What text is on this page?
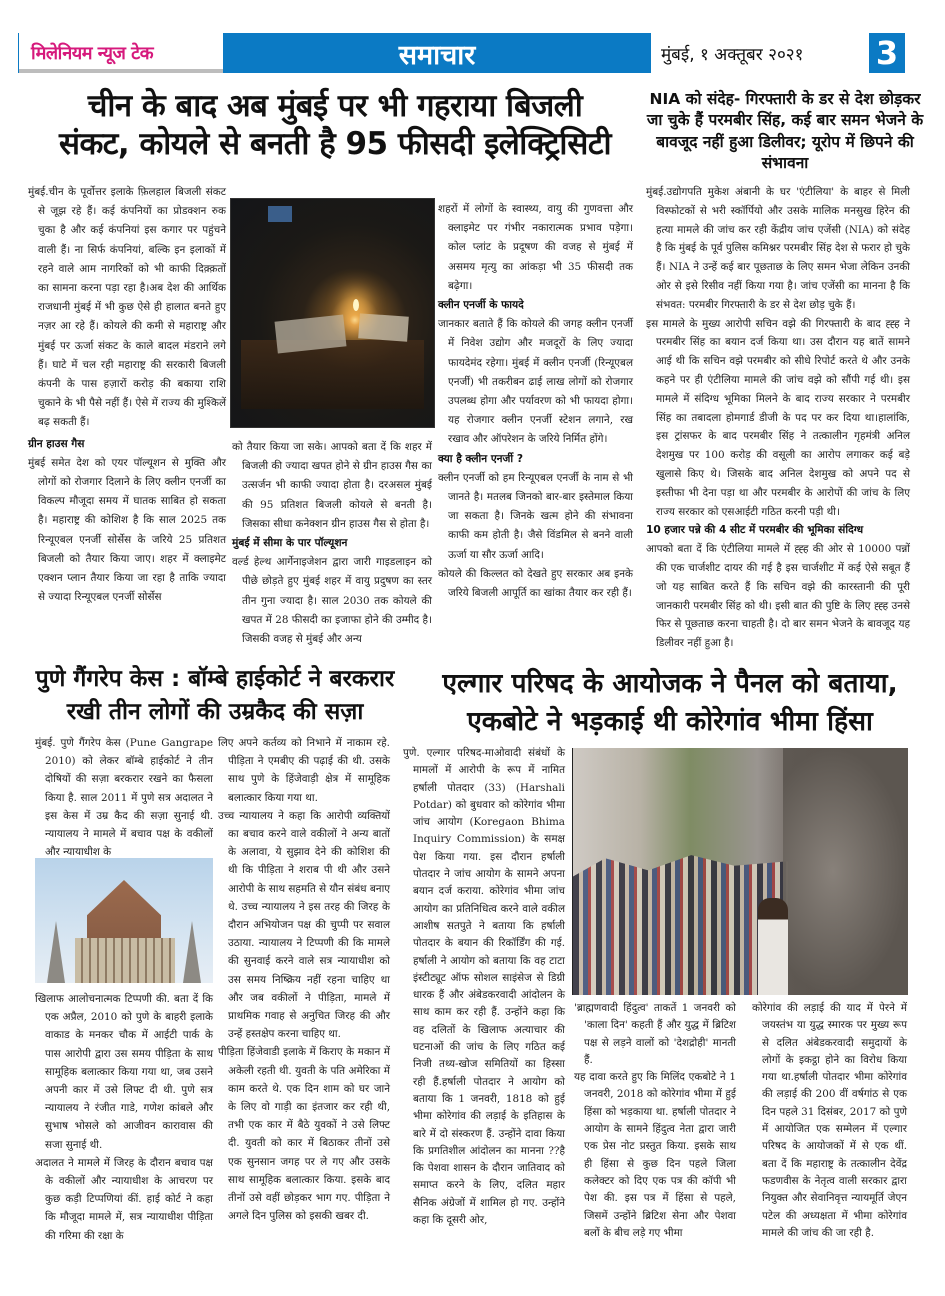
मिलेनियम न्यूज टेक	समाचार	मुंबई, १ अक्तूबर २०२१	3
चीन के बाद अब मुंबई पर भी गहराया बिजली
संकट, कोयले से बनती है 95 फीसदी इलेक्ट्रिसिटी

मुंबई.चीन के पूर्वोत्तर इलाके फ़िलहाल बिजली संकट से जूझ रहे हैं। कई कंपनियों का प्रोडक्शन रुक चुका है और कई कंपनियां इस कगार पर पहुंचने वाली हैं। ना सिर्फ कंपनियां, बल्कि इन इलाकों में रहने वाले आम नागरिकों को भी काफी दिक़्क़तों का सामना करना पड़ा रहा है।अब देश की आर्थिक राजधानी मुंबई में भी कुछ ऐसे ही हालात बनते हुए नज़र आ रहे हैं। कोयले की कमी से महाराष्ट्र और मुंबई पर ऊर्जा संकट के काले बादल मंडराने लगे हैं। घाटे में चल रही महाराष्ट्र की सरकारी बिजली कंपनी के पास हज़ारों करोड़ की बकाया राशि चुकाने के भी पैसे नहीं हैं। ऐसे में राज्य की मुश्किलें बढ़ सकती हैं।

ग्रीन हाउस गैस

मुंबई समेत देश को एयर पॉल्यूशन से मुक्ति और लोगों को रोजगार दिलाने के लिए क्लीन एनर्जी का विकल्प मौजूदा समय में घातक साबित हो सकता है। महाराष्ट्र की कोशिश है कि साल 2025 तक रिन्यूएबल एनर्जी सोर्सेस के जरिये 25 प्रतिशत बिजली को तैयार किया जाए। शहर में क्लाइमेट एक्शन प्लान तैयार किया जा रहा है ताकि ज्यादा से ज्यादा रिन्यूएबल एनर्जी सोर्सेस

को तैयार किया जा सके। आपको बता दें कि शहर में बिजली की ज्यादा खपत होने से ग्रीन हाउस गैस का उत्सर्जन भी काफी ज्यादा होता है। दरअसल मुंबई की 95 प्रतिशत बिजली कोयले से बनती है। जिसका सीधा कनेक्शन ग्रीन हाउस गैस से होता है।

मुंबई में सीमा के पार पॉल्यूशन

वर्ल्ड हेल्थ आर्गेनाइजेशन द्वारा जारी गाइडलाइन को पीछे छोड़ते हुए मुंबई शहर में वायु प्रदुषण का स्तर तीन गुना ज्यादा है। साल 2030 तक कोयले की खपत में 28 फीसदी का इजाफा होने की उम्मीद है। जिसकी वजह से मुंबई और अन्य

शहरों में लोगों के स्वास्थ्य, वायु की गुणवत्ता और क्लाइमेट पर गंभीर नकारात्मक प्रभाव पड़ेगा। कोल प्लांट के प्रदूषण की वजह से मुंबई में असमय मृत्यु का आंकड़ा भी 35 फीसदी तक बढ़ेगा।

क्लीन एनर्जी के फायदे

जानकार बताते हैं कि कोयले की जगह क्लीन एनर्जी में निवेश उद्योग और मजदूरों के लिए ज्यादा फायदेमंद रहेगा। मुंबई में क्लीन एनर्जी (रिन्यूएबल एनर्जी) भी तकरीबन ढाई लाख लोगों को रोजगार उपलब्ध होगा और पर्यावरण को भी फायदा होगा। यह रोजगार क्लीन एनर्जी स्टेशन लगाने, रख रखाव और ऑपरेशन के जरिये निर्मित होंगे।

क्या है क्लीन एनर्जी ?

क्लीन एनर्जी को हम रिन्यूएबल एनर्जी के नाम से भी जानते है। मतलब जिनको बार-बार इस्तेमाल किया जा सकता है। जिनके खत्म होने की संभावना काफी कम होती है। जैसे विंडमिल से बनने वाली ऊर्जा या सौर ऊर्जा आदि।

कोयले की किल्लत को देखते हुए सरकार अब इनके जरिये बिजली आपूर्ति का खांका तैयार कर रही हैं।

NIA को संदेह- गिरफ्तारी के डर से देश छोड़कर जा चुके हैं परमबीर सिंह, कई बार समन भेजने के बावजूद नहीं हुआ डिलीवर; यूरोप में छिपने की संभावना

मुंबई.उद्योगपति मुकेश अंबानी के घर 'एंटीलिया' के बाहर से मिली विस्फोटकों से भरी स्कॉर्पियो और उसके मालिक मनसुख हिरेन की हत्या मामले की जांच कर रही केंद्रीय जांच एजेंसी (NIA) को संदेह है कि मुंबई के पूर्व पुलिस कमिश्नर परमबीर सिंह देश से फरार हो चुके हैं। NIA ने उन्हें कई बार पूछताछ के लिए समन भेजा लेकिन उनकी ओर से इसे रिसीव नहीं किया गया है। जांच एजेंसी का मानना है कि संभवत: परमबीर गिरफ्तारी के डर से देश छोड़ चुके हैं।

इस मामले के मुख्य आरोपी सचिन वझे की गिरफ्तारी के बाद ह्ह्ह ने परमबीर सिंह का बयान दर्ज किया था। उस दौरान यह बातें सामने आई थी कि सचिन वझे परमबीर को सीधे रिपोर्ट करते थे और उनके कहने पर ही एंटीलिया मामले की जांच वझे को सौंपी गई थी। इस मामले में संदिग्ध भूमिका मिलने के बाद राज्य सरकार ने परमबीर सिंह का तबादला होमगार्ड डीजी के पद पर कर दिया था।हालांकि, इस ट्रांसफर के बाद परमबीर सिंह ने तत्कालीन गृहमंत्री अनिल देशमुख पर 100 करोड़ की वसूली का आरोप लगाकर कई बड़े खुलासे किए थे। जिसके बाद अनिल देशमुख को अपने पद से इस्तीफा भी देना पड़ा था और परमबीर के आरोपों की जांच के लिए राज्य सरकार को एसआईटी गठित करनी पड़ी थी।

10 हजार पन्ने की 4 सीट में परमबीर की भूमिका संदिग्ध

आपको बता दें कि एंटीलिया मामले में ह्ह्ह की ओर से 10000 पन्नों की एक चार्जशीट दायर की गई है इस चार्जशीट में कई ऐसे सबूत हैं जो यह साबित करते हैं कि सचिन वझे की कारस्तानी की पूरी जानकारी परमबीर सिंह को थी। इसी बात की पुष्टि के लिए ह्ह्ह उनसे फिर से पूछताछ करना चाहती है। दो बार समन भेजने के बावजूद यह डिलीवर नहीं हुआ है।

पुणे गैंगरेप केस : बॉम्बे हाईकोर्ट ने बरकरार
रखी तीन लोगों की उम्रकैद की सज़ा

मुंबई. पुणे गैंगरेप केस (Pune Gangrape 2010) को लेकर बॉम्बे हाईकोर्ट ने तीन दोषियों की सज़ा बरकरार रखने का फैसला किया है. साल 2011 में पुणे सत्र अदालत ने इस केस में उम्र कैद की सज़ा सुनाई थी. न्यायालय ने मामले में बचाव पक्ष के वकीलों और न्यायाधीश के

खिलाफ आलोचनात्मक टिप्पणी की. बता दें कि एक अप्रैल, 2010 को पुणे के बाहरी इलाके वाकाड के मनकर चौक में आईटी पार्क के पास आरोपी द्वारा उस समय पीड़िता के साथ सामूहिक बलात्कार किया गया था, जब उसने अपनी कार में उसे लिफ्ट दी थी. पुणे सत्र न्यायालय ने रंजीत गाडे, गणेश कांबले और सुभाष भोसले को आजीवन कारावास की सजा सुनाई थी.

अदालत ने मामले में जिरह के दौरान बचाव पक्ष के वकीलों और न्यायाधीश के आचरण पर कुछ कड़ी टिप्पणियां कीं. हाई कोर्ट ने कहा कि मौजूदा मामले में, सत्र न्यायाधीश पीड़िता की गरिमा की रक्षा के

लिए अपने कर्तव्य को निभाने में नाकाम रहे. पीड़िता ने एमबीए की पढ़ाई की थी. उसके साथ पुणे के हिंजेवाड़ी क्षेत्र में सामूहिक बलात्कार किया गया था.

उच्च न्यायालय ने कहा कि आरोपी व्यक्तियों का बचाव करने वाले वकीलों ने अन्य बातों के अलावा, ये सुझाव देने की कोशिश की थी कि पीड़िता ने शराब पी थी और उसने आरोपी के साथ सहमति से यौन संबंध बनाए थे. उच्च न्यायालय ने इस तरह की जिरह के दौरान अभियोजन पक्ष की चुप्पी पर सवाल उठाया. न्यायालय ने टिप्पणी की कि मामले की सुनवाई करने वाले सत्र न्यायाधीश को उस समय निष्क्रिय नहीं रहना चाहिए था और जब वकीलों ने पीड़िता, मामले में प्राथमिक गवाह से अनुचित जिरह की और उन्हें हस्तक्षेप करना चाहिए था.

पीड़िता हिंजेवाडी इलाके में किराए के मकान में अकेली रहती थी. युवती के पति अमेरिका में काम करते थे. एक दिन शाम को घर जाने के लिए वो गाड़ी का इंतजार कर रही थी, तभी एक कार में बैठे युवकों ने उसे लिफ्ट दी. युवती को कार में बिठाकर तीनों उसे एक सुनसान जगह पर ले गए और उसके साथ सामूहिक बलात्कार किया. इसके बाद तीनों उसे वहीं छोड़कर भाग गए. पीड़िता ने अगले दिन पुलिस को इसकी खबर दी.

एल्गार परिषद के आयोजक ने पैनल को बताया,
एकबोटे ने भड़काई थी कोरेगांव भीमा हिंसा

पुणे. एल्गार परिषद-माओवादी संबंधों के मामलों में आरोपी के रूप में नामित हर्षाली पोतदार (33) (Harshali Potdar) को बुधवार को कोरेगांव भीमा जांच आयोग (Koregaon Bhima Inquiry Commission) के समक्ष पेश किया गया. इस दौरान हर्षाली पोतदार ने जांच आयोग के सामने अपना बयान दर्ज कराया. कोरेगांव भीमा जांच आयोग का प्रतिनिधित्व करने वाले वकील आशीष सतपुते ने बताया कि हर्षाली पोतदार के बयान की रिकॉर्डिंग की गई. हर्षाली ने आयोग को बताया कि वह टाटा इंस्टीट्यूट ऑफ सोशल साइंसेज से डिग्री धारक हैं और अंबेडकरवादी आंदोलन के साथ काम कर रही हैं. उन्होंने कहा कि वह दलितों के खिलाफ अत्याचार की घटनाओं की जांच के लिए गठित कई निजी तथ्य-खोज समितियों का हिस्सा रही हैं.हर्षाली पोतदार ने आयोग को बताया कि 1 जनवरी, 1818 को हुई भीमा कोरेगांव की लड़ाई के इतिहास के बारे में दो संस्करण हैं. उन्होंने दावा किया कि प्रगतिशील आंदोलन का मानना ??है कि पेशवा शासन के दौरान जातिवाद को समाप्त करने के लिए, दलित महार सैनिक अंग्रेजों में शामिल हो गए. उन्होंने कहा कि दूसरी ओर,

'ब्राह्मणवादी हिंदुत्व' ताकतें 1 जनवरी को 'काला दिन' कहती हैं और युद्ध में ब्रिटिश पक्ष से लड़ने वालों को 'देशद्रोही' मानती हैं.

यह दावा करते हुए कि मिलिंद एकबोटे ने 1 जनवरी, 2018 को कोरेगांव भीमा में हुई हिंसा को भड़काया था. हर्षाली पोतदार ने आयोग के सामने हिंदुत्व नेता द्वारा जारी एक प्रेस नोट प्रस्तुत किया. इसके साथ ही हिंसा से कुछ दिन पहले जिला कलेक्टर को दिए एक पत्र की कॉपी भी पेश की. इस पत्र में हिंसा से पहले, जिसमें उन्होंने ब्रिटिश सेना और पेशवा बलों के बीच लड़े गए भीमा

कोरेगांव की लड़ाई की याद में पेरने में जयस्तंभ या युद्ध स्मारक पर मुख्य रूप से दलित अंबेडकरवादी समुदायों के लोगों के इकट्ठा होने का विरोध किया गया था.हर्षाली पोतदार भीमा कोरेगांव की लड़ाई की 200 वीं वर्षगांठ से एक दिन पहले 31 दिसंबर, 2017 को पुणे में आयोजित एक सम्मेलन में एल्गार परिषद के आयोजकों में से एक थीं. बता दें कि महाराष्ट्र के तत्कालीन देवेंद्र फडणवीस के नेतृत्व वाली सरकार द्वारा नियुक्त और सेवानिवृत्त न्यायमूर्ति जेएन पटेल की अध्यक्षता में भीमा कोरेगांव मामले की जांच की जा रही है.
